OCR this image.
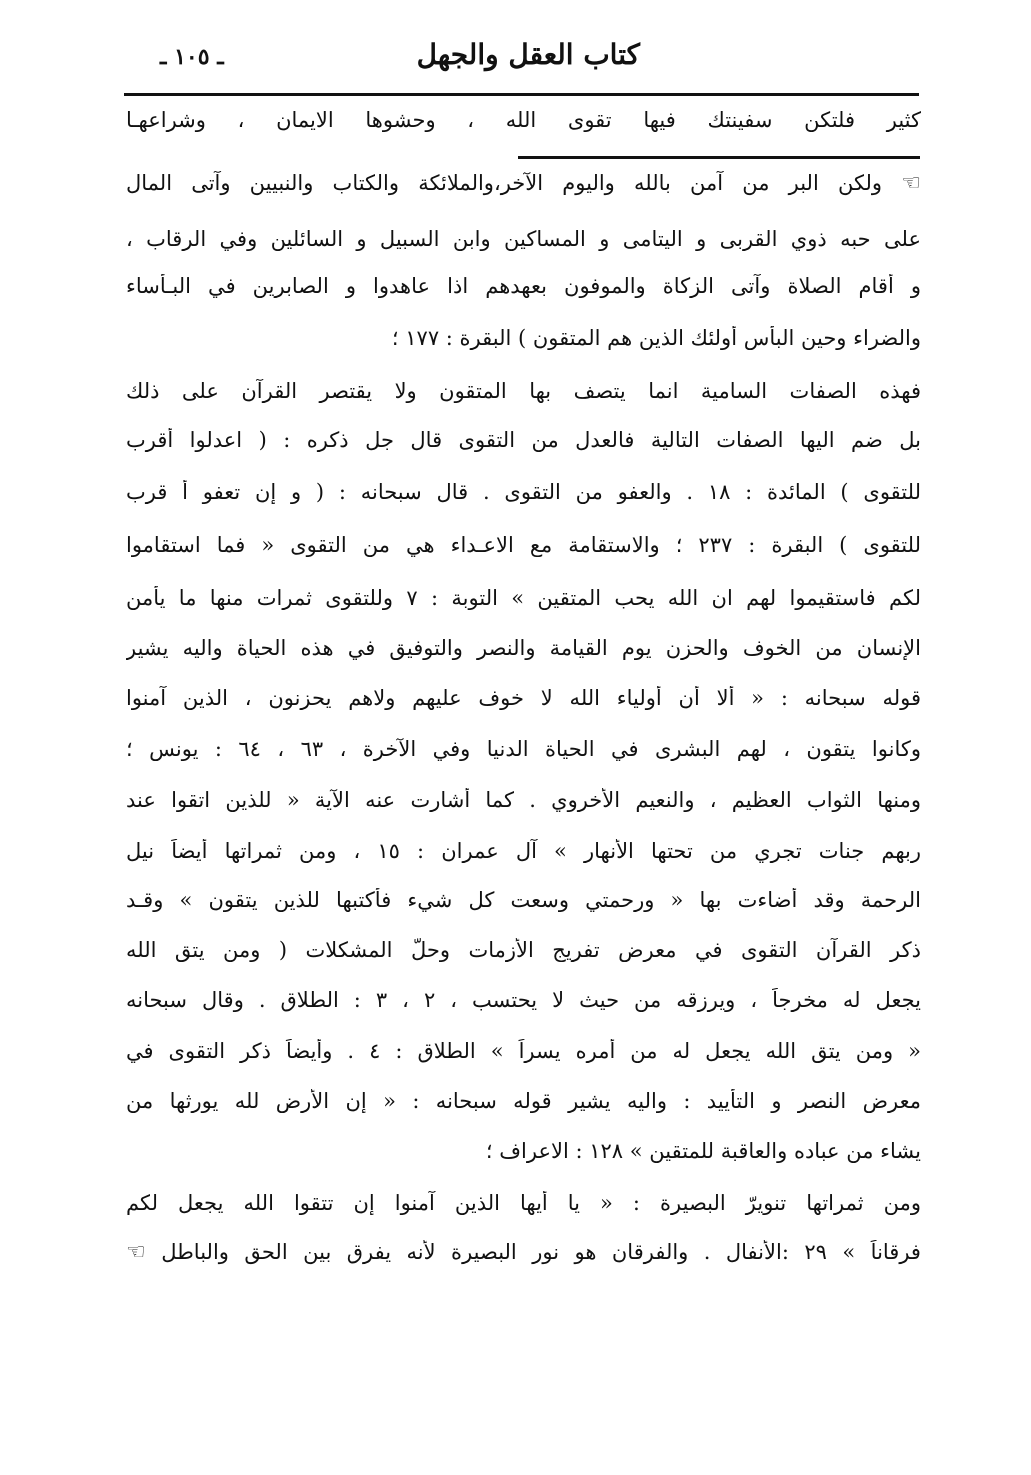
كتاب العقل والجهل
ـ ١٠٥ ـ
كثير فلتكن سفينتك فيها تقوى الله ، وحشوها الايمان ، وشراعهـا
☜ ولكن البر من آمن بالله واليوم الآخر،والملائكة والكتاب والنبيين وآتى المال
على حبه ذوي القربى و اليتامى و المساكين وابن السبيل و السائلين وفي الرقاب ،
و أقام الصلاة وآتى الزكاة والموفون بعهدهم اذا عاهدوا و الصابرين في البـأساء
والضراء وحين البأس أولئك الذين هم المتقون ) البقرة : ١٧٧ ؛
فهذه الصفات السامية انما يتصف بها المتقون ولا يقتصر القرآن على ذلك
بل ضم اليها الصفات التالية فالعدل من التقوى قال جل ذكره : ( اعدلوا أقرب
للتقوى ) المائدة : ١٨ . والعفو من التقوى . قال سبحانه : ( و إن تعفو أ قرب
للتقوى ) البقرة : ٢٣٧ ؛ والاستقامة مع الاعـداء هي من التقوى « فما استقاموا
لكم فاستقيموا لهم ان الله يحب المتقين » التوبة : ٧ وللتقوى ثمرات منها ما يأمن
الإنسان من الخوف والحزن يوم القيامة والنصر والتوفيق في هذه الحياة واليه يشير
قوله سبحانه : « ألا أن أولياء الله لا خوف عليهم ولاهم يحزنون ، الذين آمنوا
وكانوا يتقون ، لهم البشرى في الحياة الدنيا وفي الآخرة ، ٦٣ ، ٦٤ : يونس ؛
ومنها الثواب العظيم ، والنعيم الأخروي . كما أشارت عنه الآية « للذين اتقوا عند
ربهم جنات تجري من تحتها الأنهار » آل عمران : ١٥ ، ومن ثمراتها أيضاً نيل
الرحمة وقد أضاءت بها « ورحمتي وسعت كل شيء فأكتبها للذين يتقون » وقـد
ذكر القرآن التقوى في معرض تفريج الأزمات وحلّ المشكلات ( ومن يتق الله
يجعل له مخرجاً ، ويرزقه من حيث لا يحتسب ، ٢ ، ٣ : الطلاق . وقال سبحانه
« ومن يتق الله يجعل له من أمره يسراً » الطلاق : ٤ . وأيضاً ذكر التقوى في
معرض النصر و التأييد : واليه يشير قوله سبحانه : « إن الأرض لله يورثها من
يشاء من عباده والعاقبة للمتقين » ١٢٨ : الاعراف ؛
ومن ثمراتها تنويرّ البصيرة : « يا أيها الذين آمنوا إن تتقوا الله يجعل لكم
فرقاناً » ٢٩ :الأنفال . والفرقان هو نور البصيرة لأنه يفرق بين الحق والباطل ☜
